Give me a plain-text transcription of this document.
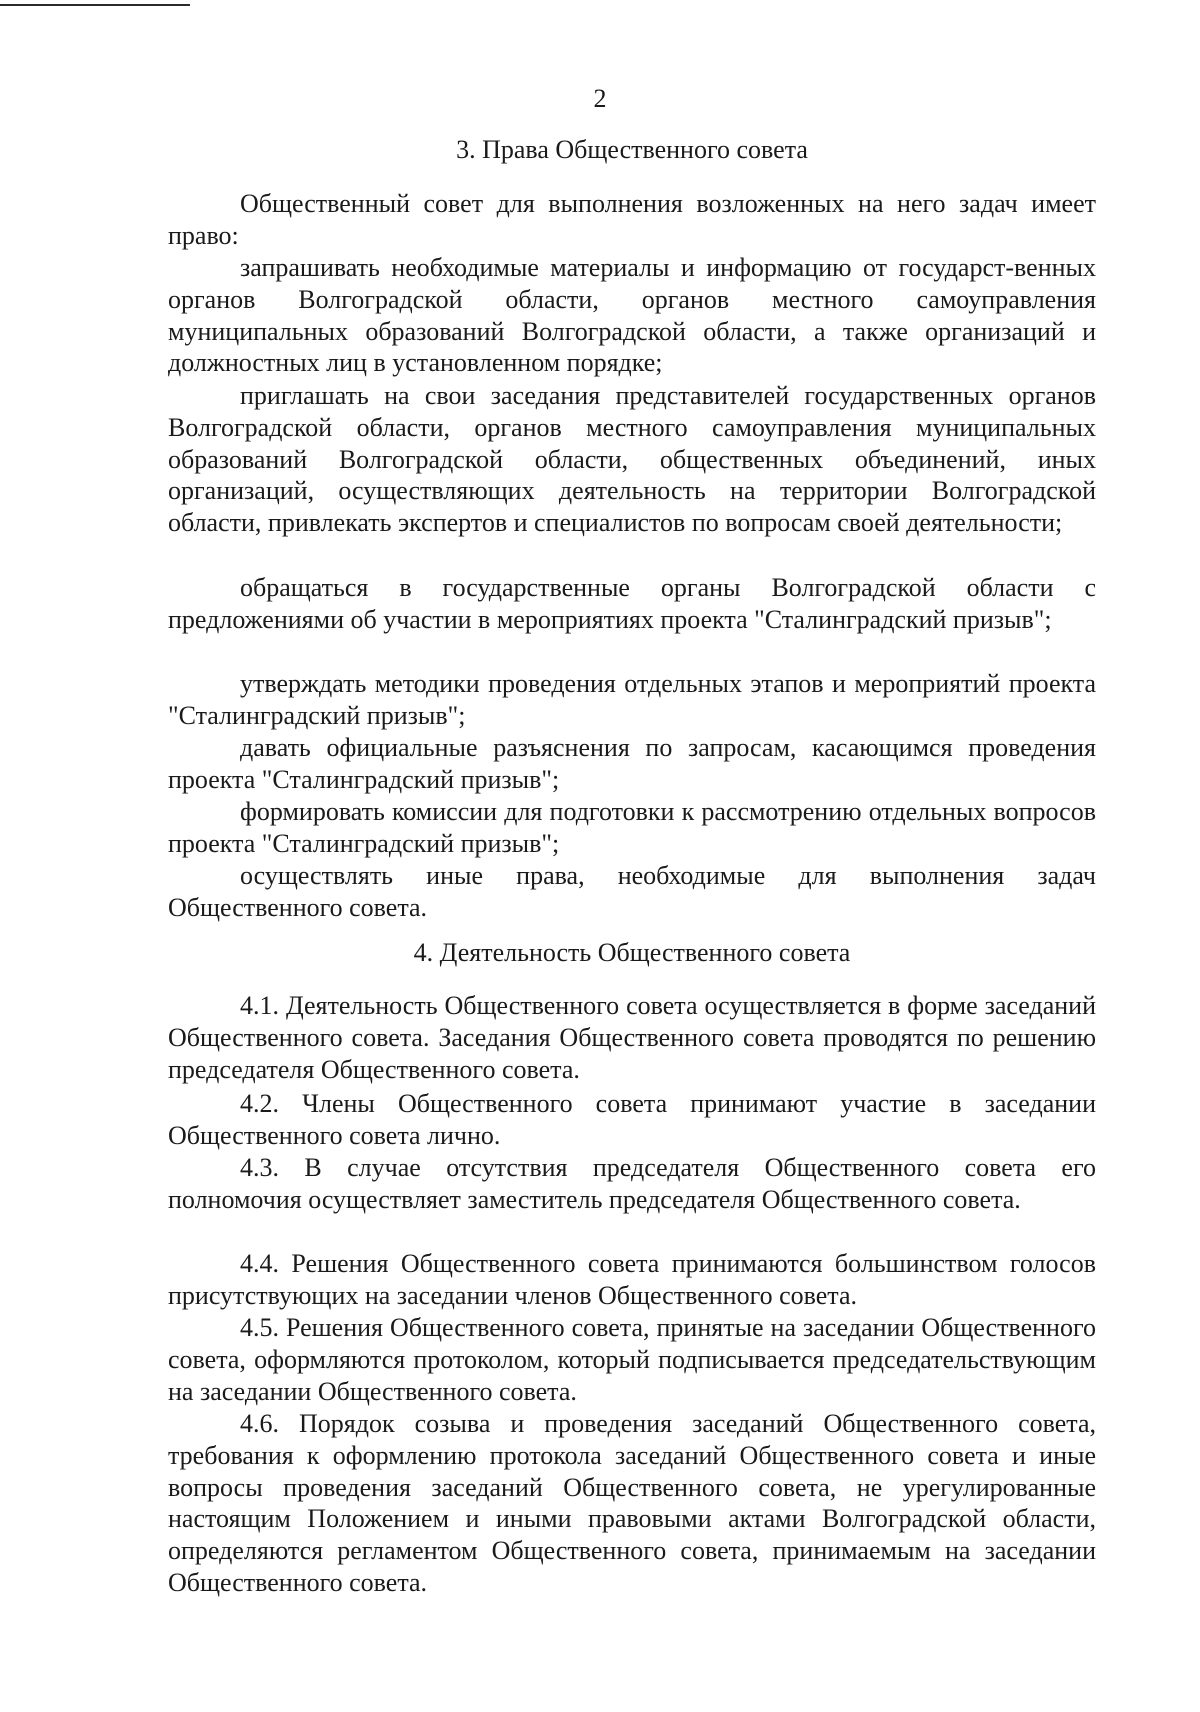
2
3. Права Общественного совета

Общественный совет для выполнения возложенных на него задач имеет право:

запрашивать необходимые материалы и информацию от государст-венных органов Волгоградской области, органов местного самоуправления муниципальных образований Волгоградской области, а также организаций и должностных лиц в установленном порядке;

приглашать на свои заседания представителей государственных органов Волгоградской области, органов местного самоуправления муниципальных образований Волгоградской области, общественных объединений, иных организаций, осуществляющих деятельность на территории Волгоградской области, привлекать экспертов и специалистов по вопросам своей деятельности;

обращаться в государственные органы Волгоградской области с предложениями об участии в мероприятиях проекта "Сталинградский призыв";

утверждать методики проведения отдельных этапов и мероприятий проекта "Сталинградский призыв";

давать официальные разъяснения по запросам, касающимся проведения проекта "Сталинградский призыв";

формировать комиссии для подготовки к рассмотрению отдельных вопросов проекта "Сталинградский призыв";

осуществлять иные права, необходимые для выполнения задач Общественного совета.

4. Деятельность Общественного совета

4.1. Деятельность Общественного совета осуществляется в форме заседаний Общественного совета. Заседания Общественного совета проводятся по решению председателя Общественного совета.

4.2. Члены Общественного совета принимают участие в заседании Общественного совета лично.

4.3. В случае отсутствия председателя Общественного совета его полномочия осуществляет заместитель председателя Общественного совета.

4.4. Решения Общественного совета принимаются большинством голосов присутствующих на заседании членов Общественного совета.

4.5. Решения Общественного совета, принятые на заседании Общественного совета, оформляются протоколом, который подписывается председательствующим на заседании Общественного совета.

4.6. Порядок созыва и проведения заседаний Общественного совета, требования к оформлению протокола заседаний Общественного совета и иные вопросы проведения заседаний Общественного совета, не урегулированные настоящим Положением и иными правовыми актами Волгоградской области, определяются регламентом Общественного совета, принимаемым на заседании Общественного совета.
